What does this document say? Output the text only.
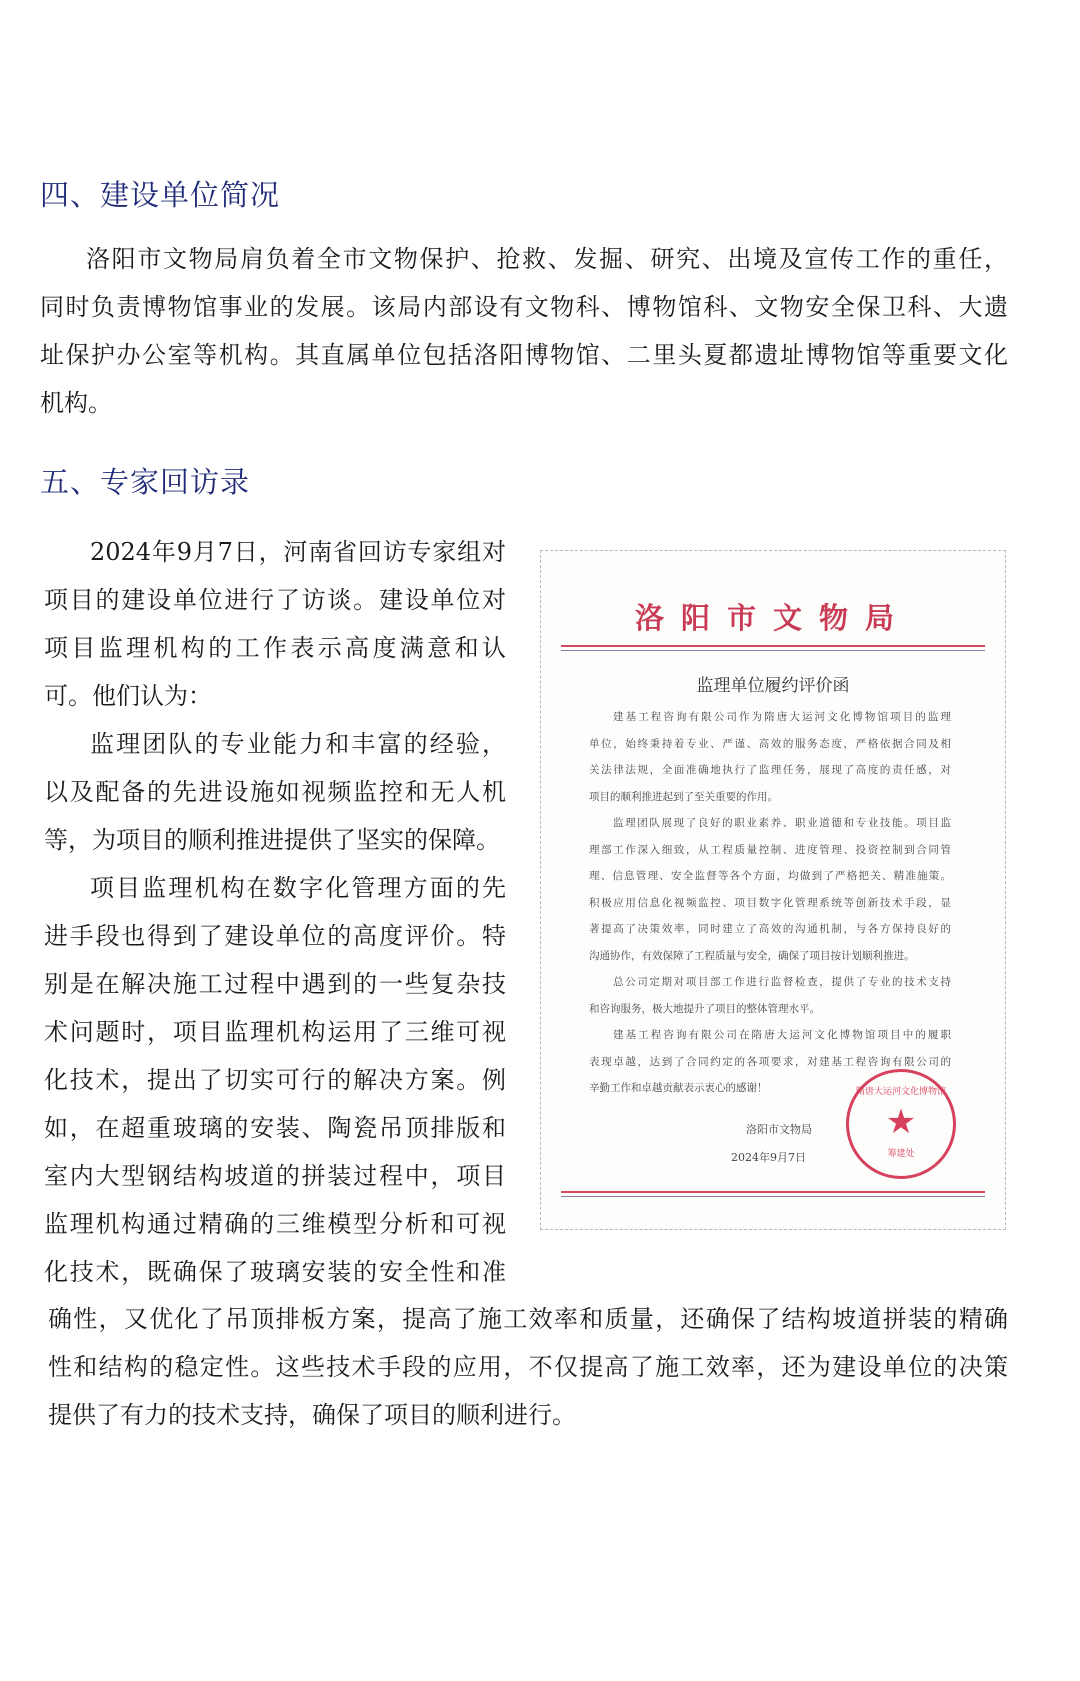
四、建设单位简况
洛阳市文物局肩负着全市文物保护、抢救、发掘、研究、出境及宣传工作的重任，
同时负责博物馆事业的发展。该局内部设有文物科、博物馆科、文物安全保卫科、大遗
址保护办公室等机构。其直属单位包括洛阳博物馆、二里头夏都遗址博物馆等重要文化
机构。
五、专家回访录
2024年9月7日，河南省回访专家组对
项目的建设单位进行了访谈。建设单位对
项目监理机构的工作表示高度满意和认
可。他们认为：
监理团队的专业能力和丰富的经验，
以及配备的先进设施如视频监控和无人机
等，为项目的顺利推进提供了坚实的保障。
项目监理机构在数字化管理方面的先
进手段也得到了建设单位的高度评价。特
别是在解决施工过程中遇到的一些复杂技
术问题时，项目监理机构运用了三维可视
化技术，提出了切实可行的解决方案。例
如，在超重玻璃的安装、陶瓷吊顶排版和
室内大型钢结构坡道的拼装过程中，项目
监理机构通过精确的三维模型分析和可视
化技术，既确保了玻璃安装的安全性和准
确性，又优化了吊顶排板方案，提高了施工效率和质量，还确保了结构坡道拼装的精确
性和结构的稳定性。这些技术手段的应用，不仅提高了施工效率，还为建设单位的决策
提供了有力的技术支持，确保了项目的顺利进行。
洛阳市文物局
监理单位履约评价函
建基工程咨询有限公司作为隋唐大运河文化博物馆项目的监理
单位，始终秉持着专业、严谨、高效的服务态度，严格依据合同及相
关法律法规，全面准确地执行了监理任务，展现了高度的责任感，对
项目的顺利推进起到了至关重要的作用。
监理团队展现了良好的职业素养、职业道德和专业技能。项目监
理部工作深入细致，从工程质量控制、进度管理、投资控制到合同管
理、信息管理、安全监督等各个方面，均做到了严格把关、精准施策。
积极应用信息化视频监控、项目数字化管理系统等创新技术手段，显
著提高了决策效率，同时建立了高效的沟通机制，与各方保持良好的
沟通协作，有效保障了工程质量与安全，确保了项目按计划顺利推进。
总公司定期对项目部工作进行监督检查，提供了专业的技术支持
和咨询服务，极大地提升了项目的整体管理水平。
建基工程咨询有限公司在隋唐大运河文化博物馆项目中的履职
表现卓越，达到了合同约定的各项要求，对建基工程咨询有限公司的
辛勤工作和卓越贡献表示衷心的感谢！
洛阳市文物局
2024年9月7日
隋唐大运河文化博物馆
★
筹建处
